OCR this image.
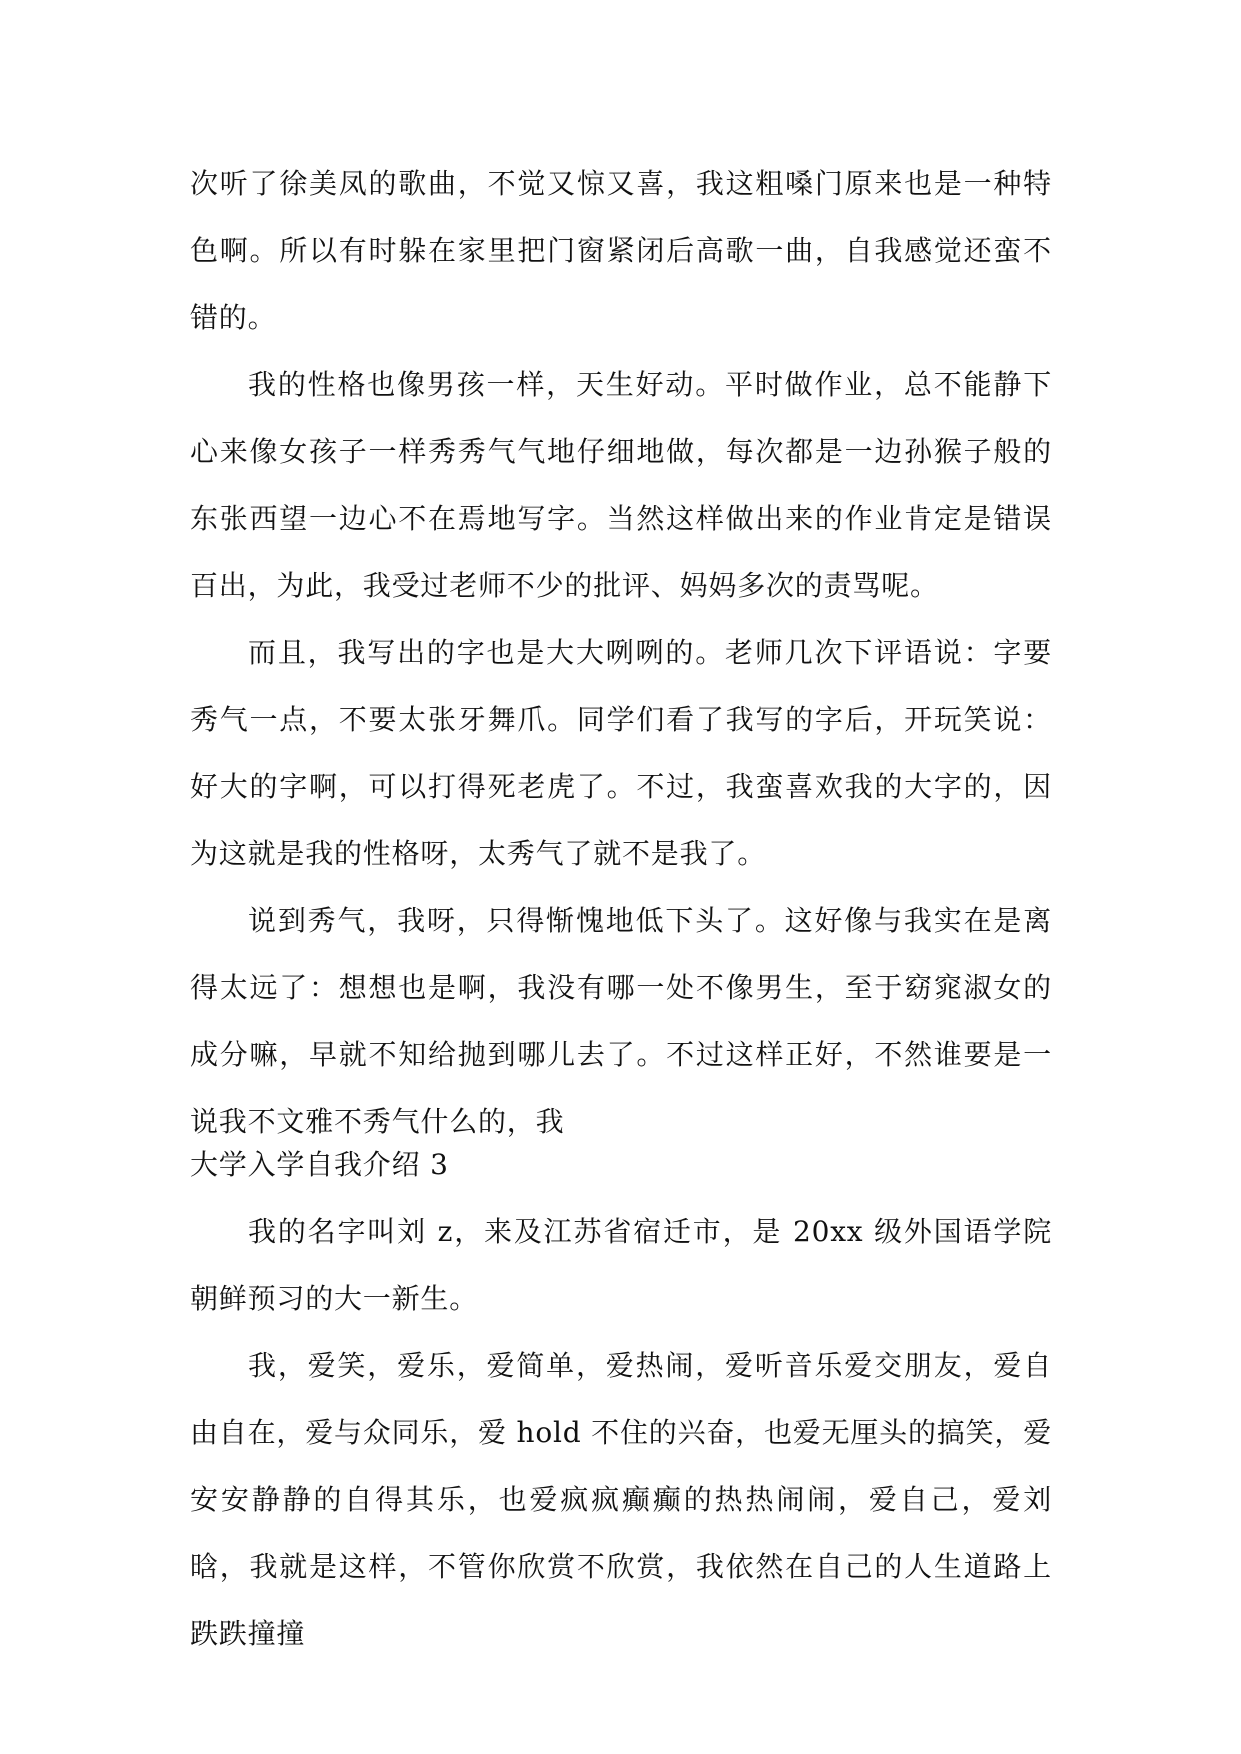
次听了徐美凤的歌曲，不觉又惊又喜，我这粗嗓门原来也是一种特色啊。所以有时躲在家里把门窗紧闭后高歌一曲，自我感觉还蛮不错的。

我的性格也像男孩一样，天生好动。平时做作业，总不能静下心来像女孩子一样秀秀气气地仔细地做，每次都是一边孙猴子般的东张西望一边心不在焉地写字。当然这样做出来的作业肯定是错误百出，为此，我受过老师不少的批评、妈妈多次的责骂呢。

而且，我写出的字也是大大咧咧的。老师几次下评语说：字要秀气一点，不要太张牙舞爪。同学们看了我写的字后，开玩笑说：好大的字啊，可以打得死老虎了。不过，我蛮喜欢我的大字的，因为这就是我的性格呀，太秀气了就不是我了。

说到秀气，我呀，只得惭愧地低下头了。这好像与我实在是离得太远了：想想也是啊，我没有哪一处不像男生，至于窈窕淑女的成分嘛，早就不知给抛到哪儿去了。不过这样正好，不然谁要是一说我不文雅不秀气什么的，我

大学入学自我介绍 3

我的名字叫刘 z，来及江苏省宿迁市，是 20xx 级外国语学院朝鲜预习的大一新生。

我，爱笑，爱乐，爱简单，爱热闹，爱听音乐爱交朋友，爱自由自在，爱与众同乐，爱 hold 不住的兴奋，也爱无厘头的搞笑，爱安安静静的自得其乐，也爱疯疯癫癫的热热闹闹，爱自己，爱刘晗，我就是这样，不管你欣赏不欣赏，我依然在自己的人生道路上跌跌撞撞
